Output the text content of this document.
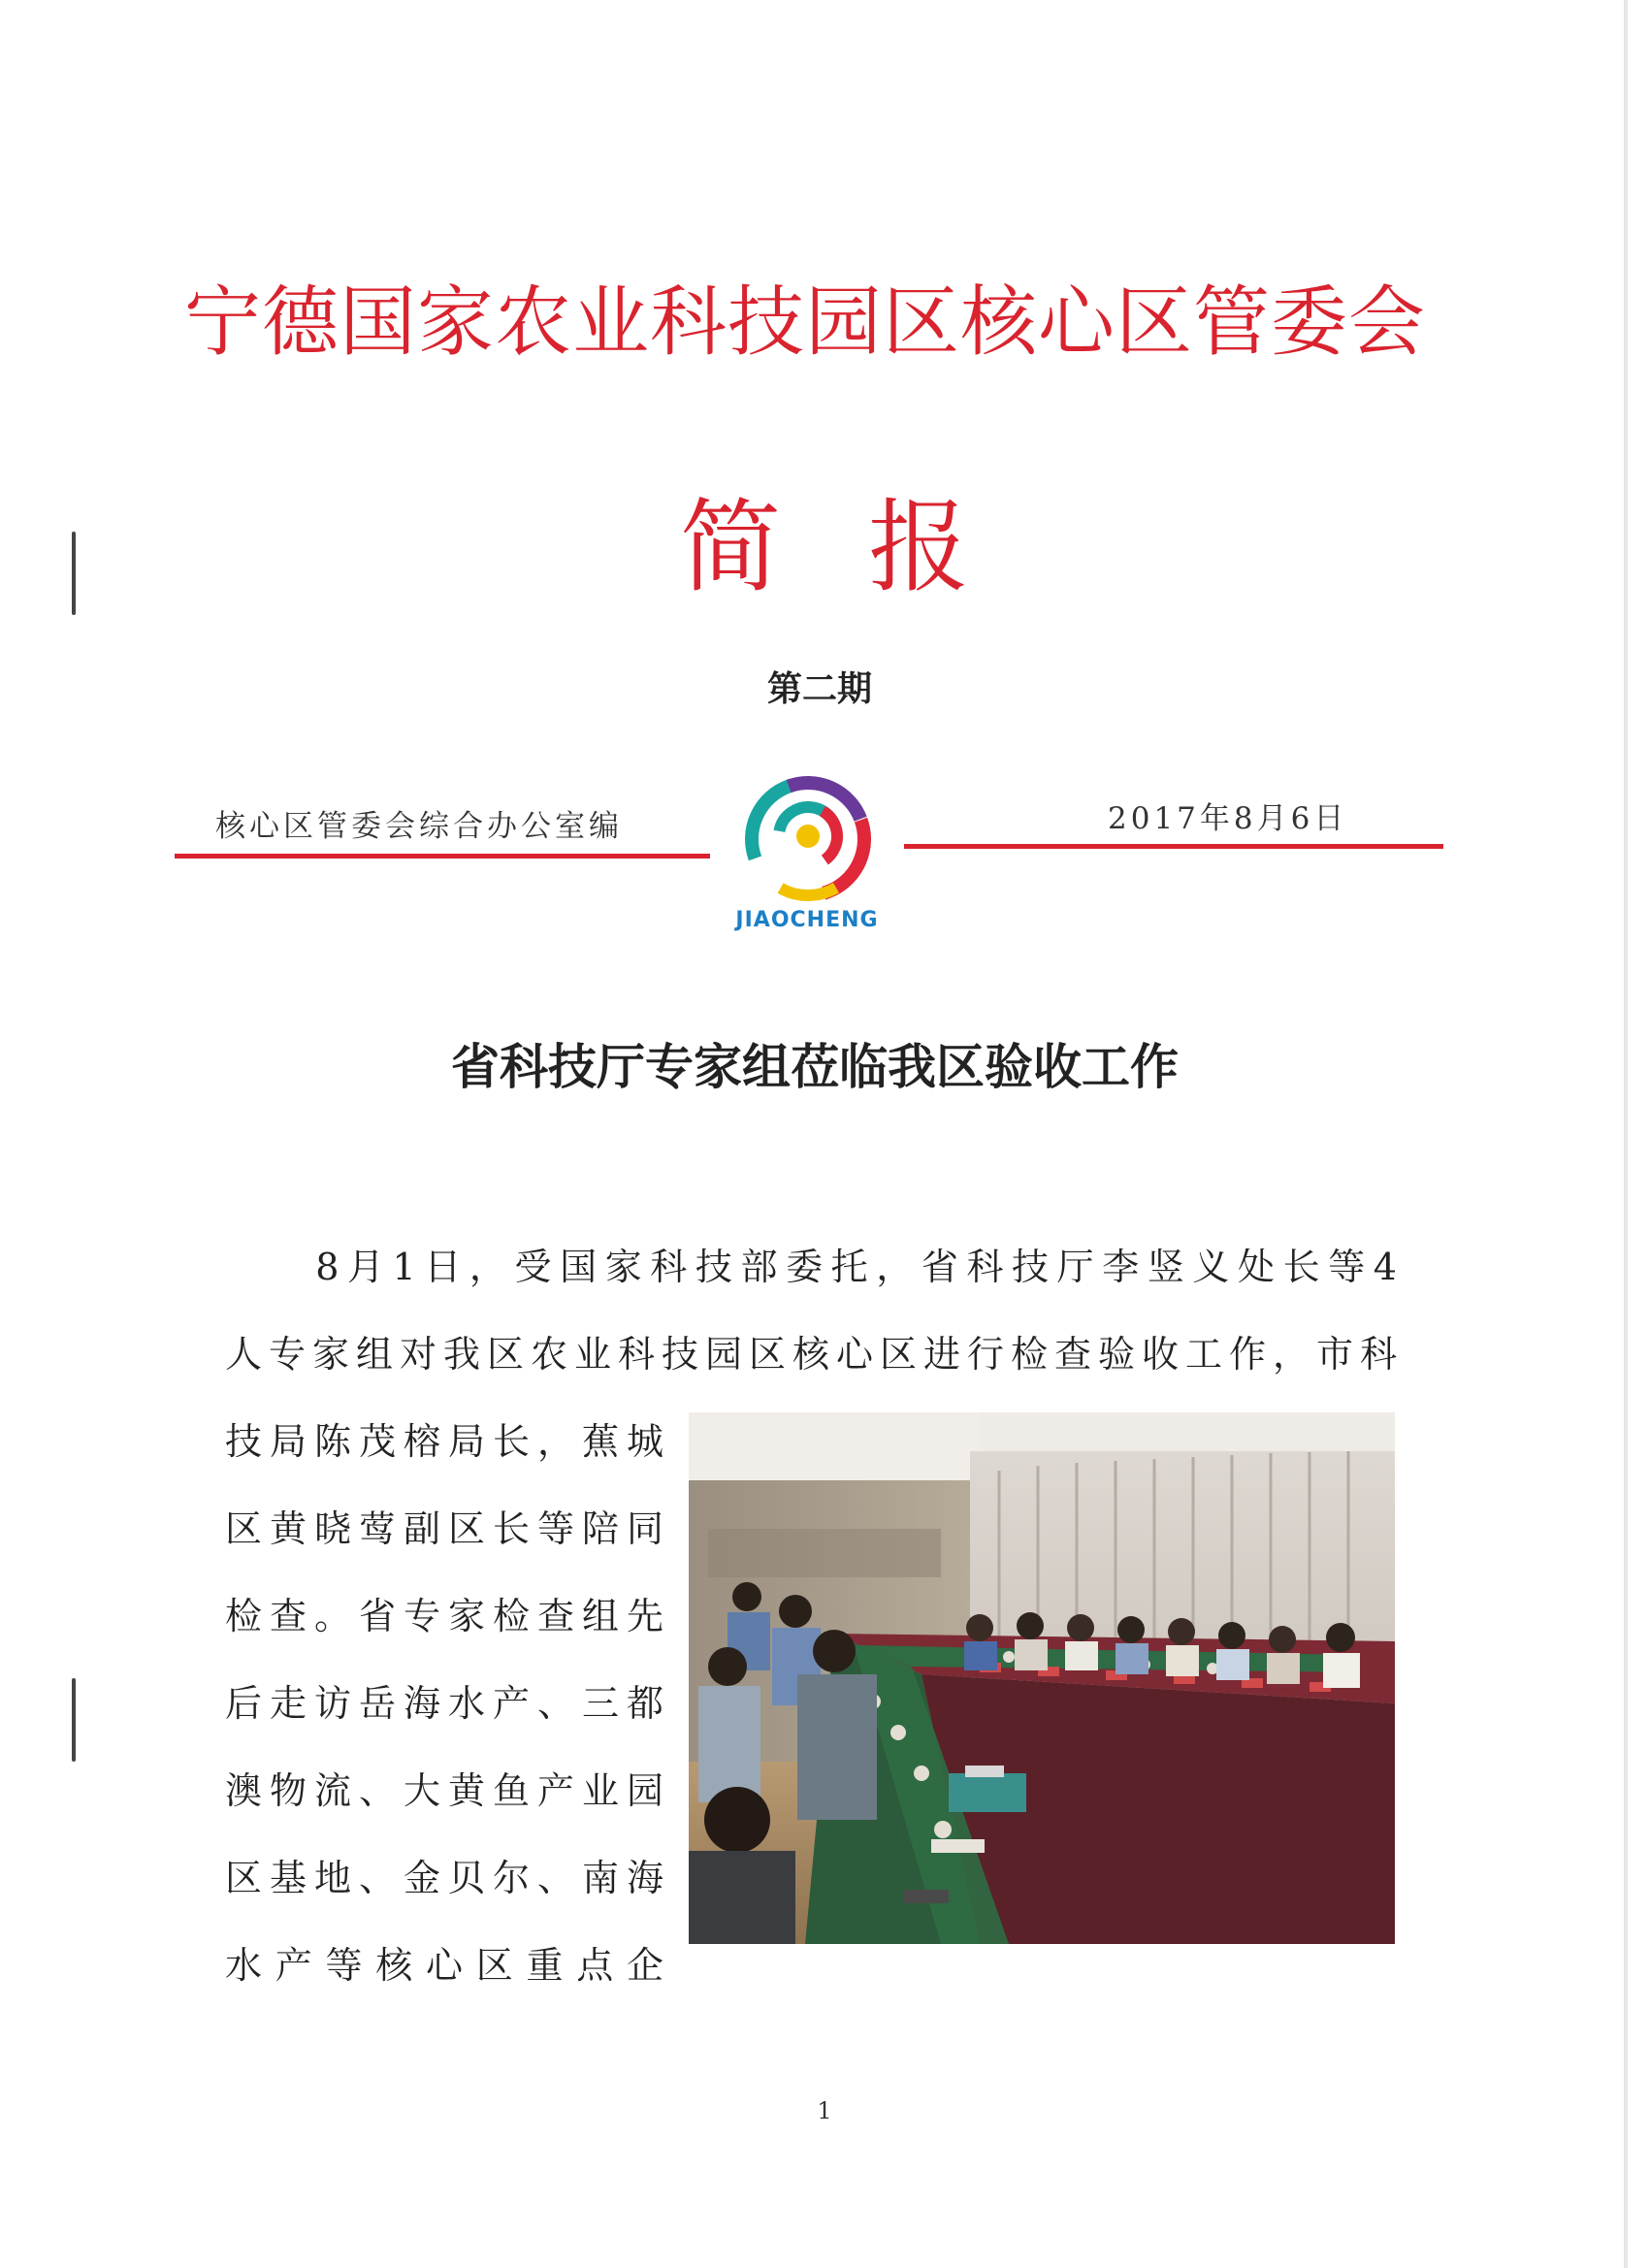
宁德国家农业科技园区核心区管委会
简报
第二期
核心区管委会综合办公室编	2017年8月6日
JIAOCHENG
省科技厅专家组莅临我区验收工作
　　8月1日，受国家科技部委托，省科技厅李竖义处长等4
人专家组对我区农业科技园区核心区进行检查验收工作，市科
技局陈茂榕局长，蕉城
区黄晓莺副区长等陪同
检查。省专家检查组先
后走访岳海水产、三都
澳物流、大黄鱼产业园
区基地、金贝尔、南海
水产等核心区重点企
1
